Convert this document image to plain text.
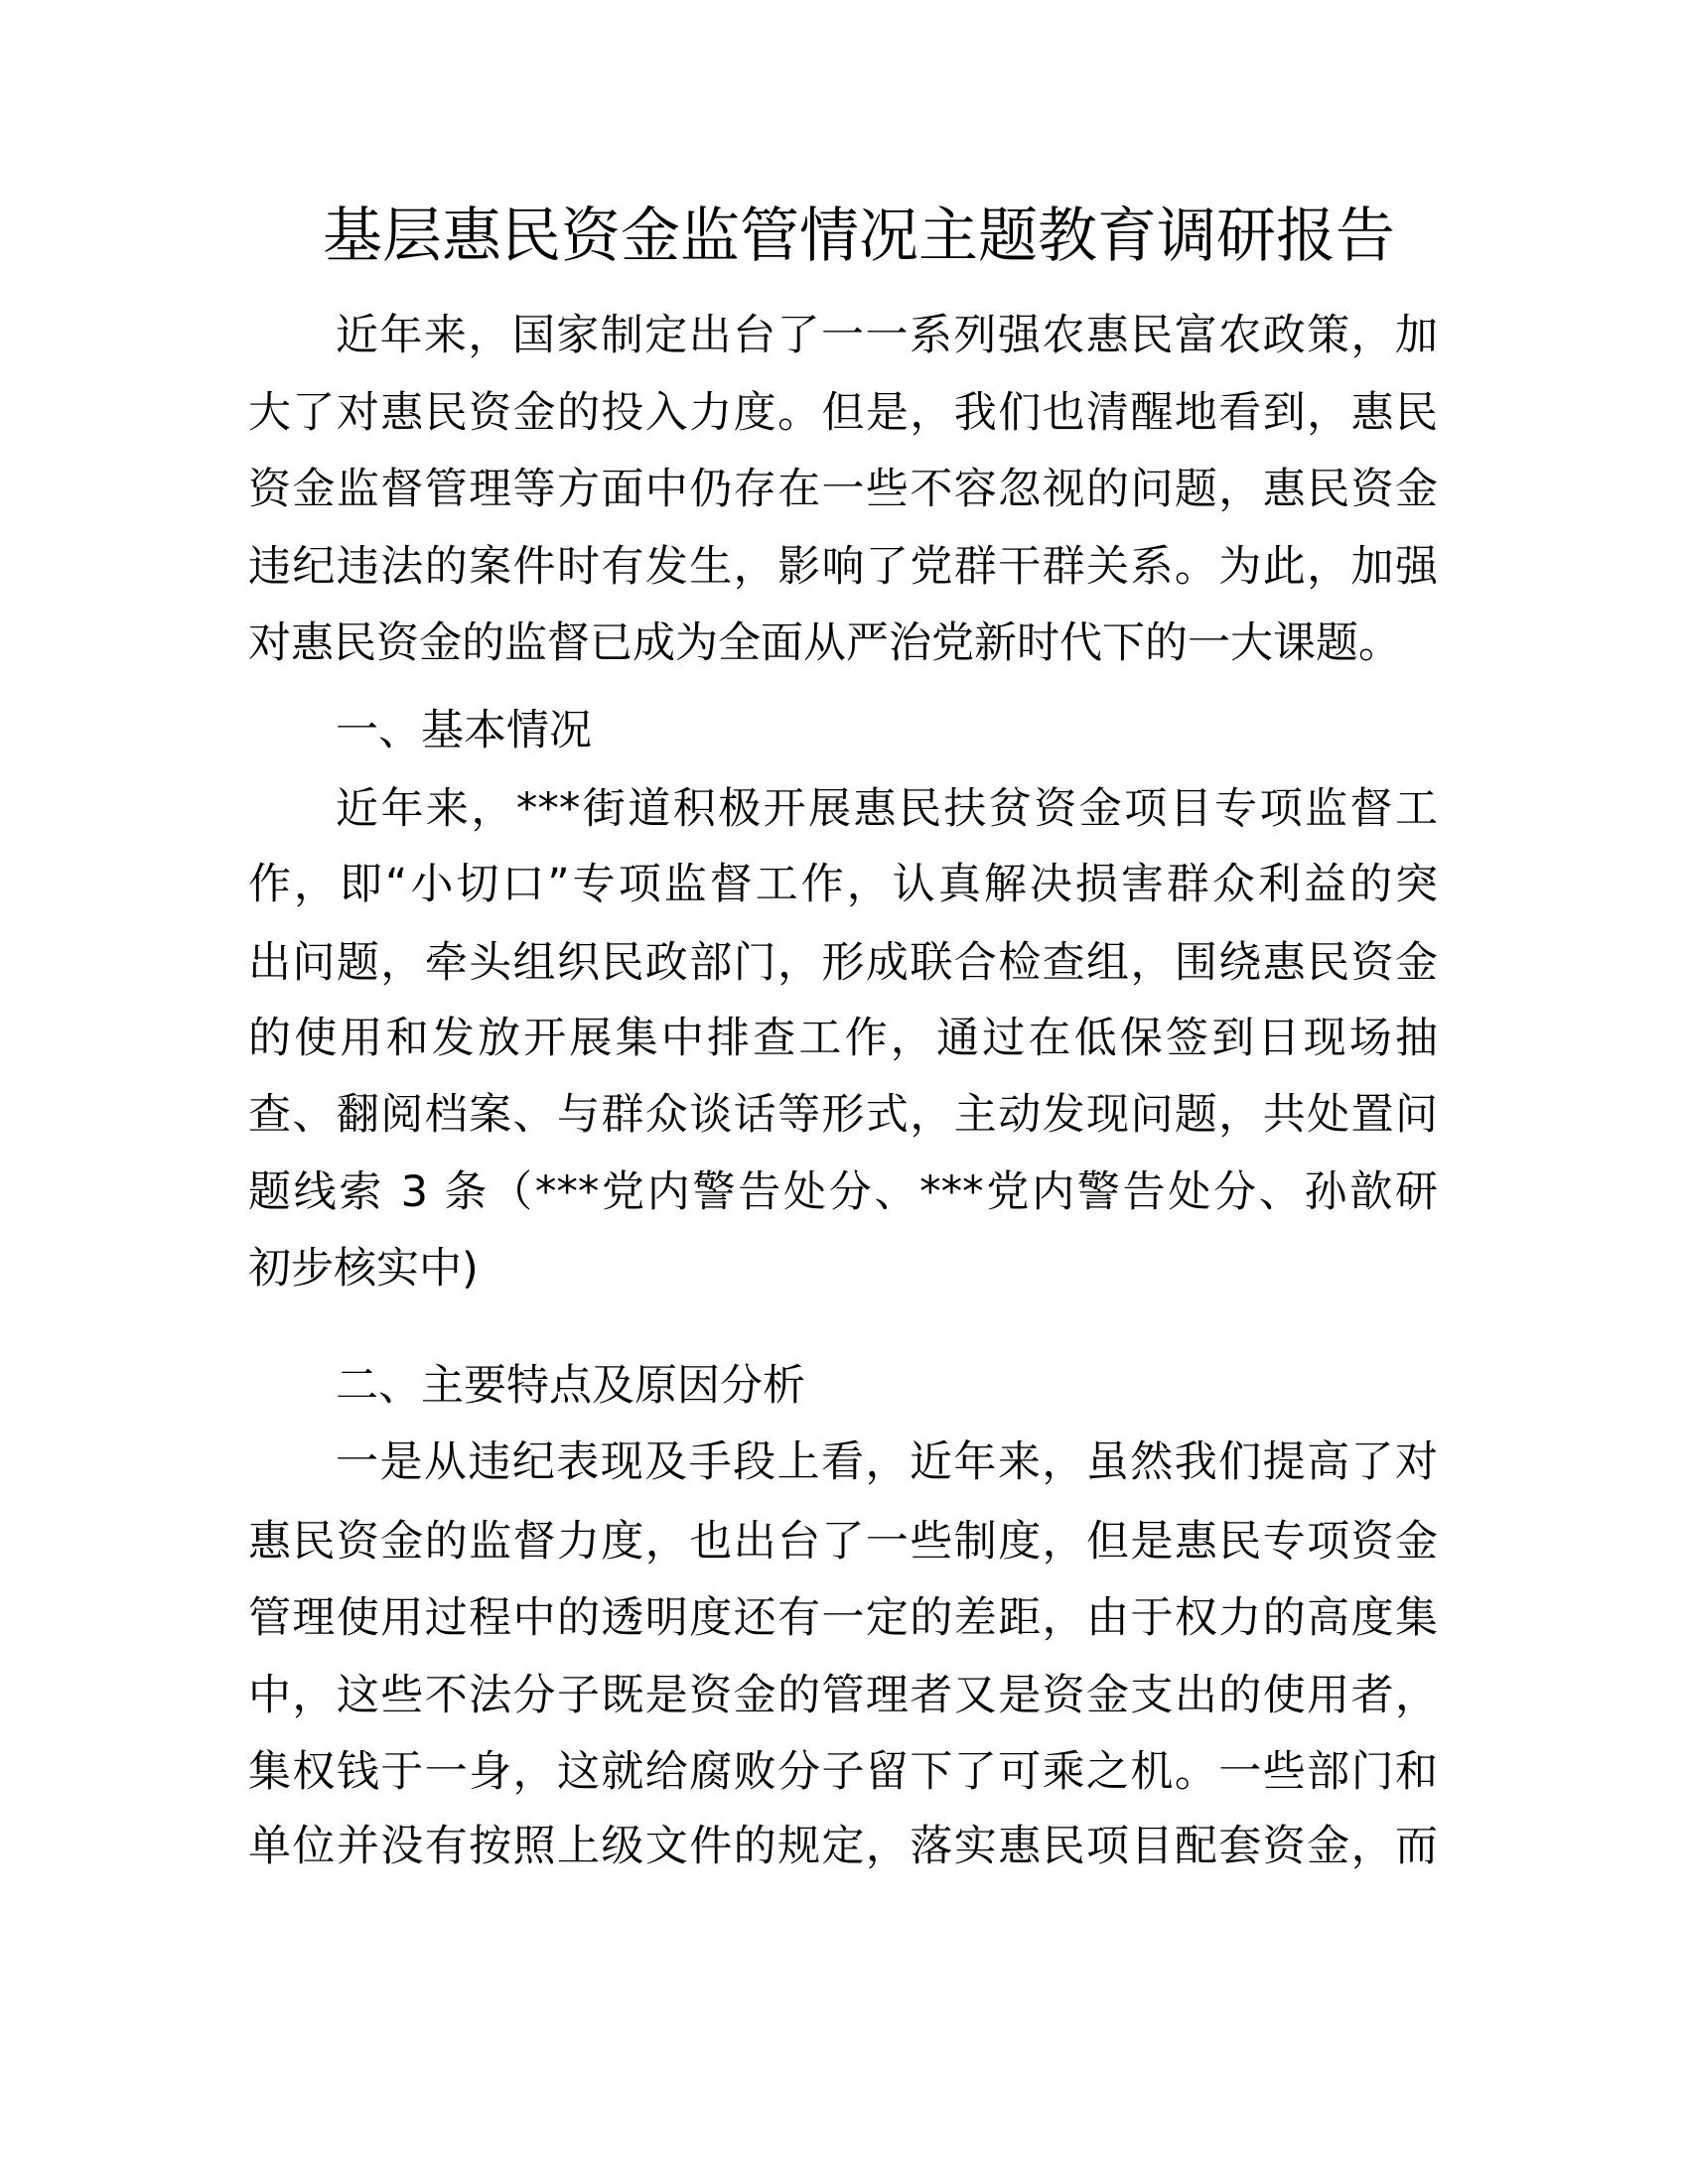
基层惠民资金监管情况主题教育调研报告
近年来，国家制定出台了一一系列强农惠民富农政策，加
大了对惠民资金的投入力度。但是，我们也清醒地看到，惠民
资金监督管理等方面中仍存在一些不容忽视的问题，惠民资金
违纪违法的案件时有发生，影响了党群干群关系。为此，加强
对惠民资金的监督已成为全面从严治党新时代下的一大课题。
一、基本情况
近年来，***街道积极开展惠民扶贫资金项目专项监督工
作，即“小切口”专项监督工作，认真解决损害群众利益的突
出问题，牵头组织民政部门，形成联合检查组，围绕惠民资金
的使用和发放开展集中排查工作，通过在低保签到日现场抽
查、翻阅档案、与群众谈话等形式，主动发现问题，共处置问
题线索 3 条（***党内警告处分、***党内警告处分、孙歆研
初步核实中)
二、主要特点及原因分析
一是从违纪表现及手段上看，近年来，虽然我们提高了对
惠民资金的监督力度，也出台了一些制度，但是惠民专项资金
管理使用过程中的透明度还有一定的差距，由于权力的高度集
中，这些不法分子既是资金的管理者又是资金支出的使用者，
集权钱于一身，这就给腐败分子留下了可乘之机。一些部门和
单位并没有按照上级文件的规定，落实惠民项目配套资金，而
